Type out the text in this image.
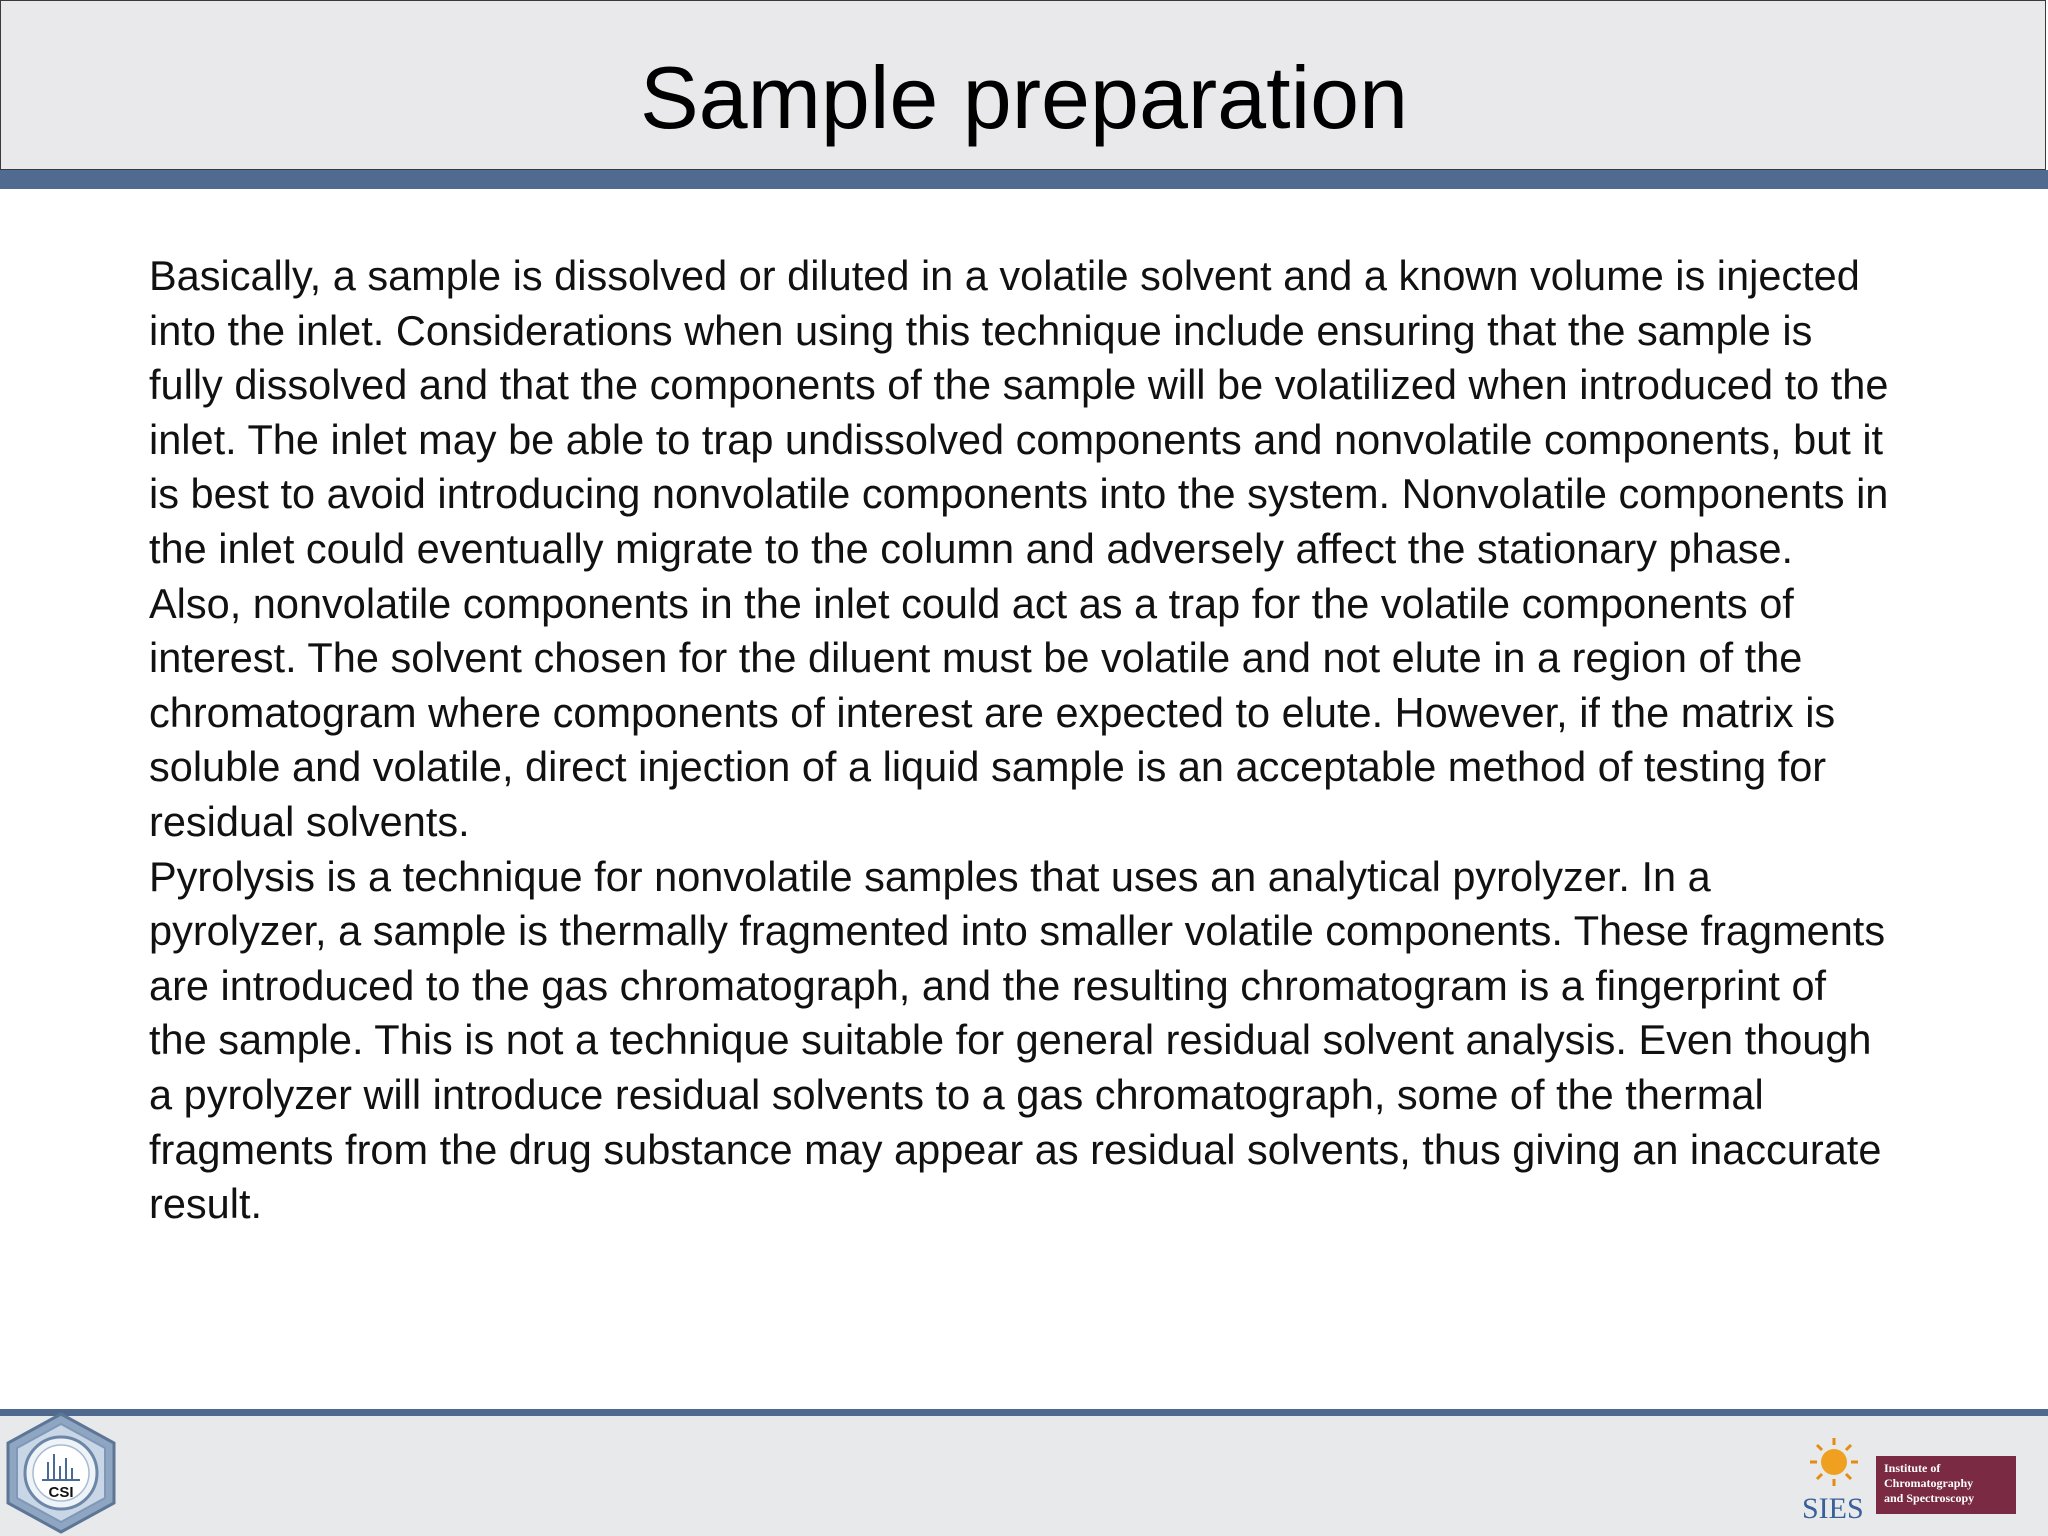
Sample preparation

Basically, a sample is dissolved or diluted in a volatile solvent and a known volume is injected into the inlet. Considerations when using this technique include ensuring that the sample is fully dissolved and that the components of the sample will be volatilized when introduced to the inlet. The inlet may be able to trap undissolved components and nonvolatile components, but it is best to avoid introducing nonvolatile components into the system. Nonvolatile components in the inlet could eventually migrate to the column and adversely affect the stationary phase. Also, nonvolatile components in the inlet could act as a trap for the volatile components of interest. The solvent chosen for the diluent must be volatile and not elute in a region of the chromatogram where components of interest are expected to elute. However, if the matrix is soluble and volatile, direct injection of a liquid sample is an acceptable method of testing for residual solvents.

Pyrolysis is a technique for nonvolatile samples that uses an analytical pyrolyzer. In a pyrolyzer, a sample is thermally fragmented into smaller volatile components. These fragments are introduced to the gas chromatograph, and the resulting chromatogram is a fingerprint of the sample. This is not a technique suitable for general residual solvent analysis. Even though a pyrolyzer will introduce residual solvents to a gas chromatograph, some of the thermal fragments from the drug substance may appear as residual solvents, thus giving an inaccurate result.

CSI	SIES
Institute of
Chromatography
and Spectroscopy
